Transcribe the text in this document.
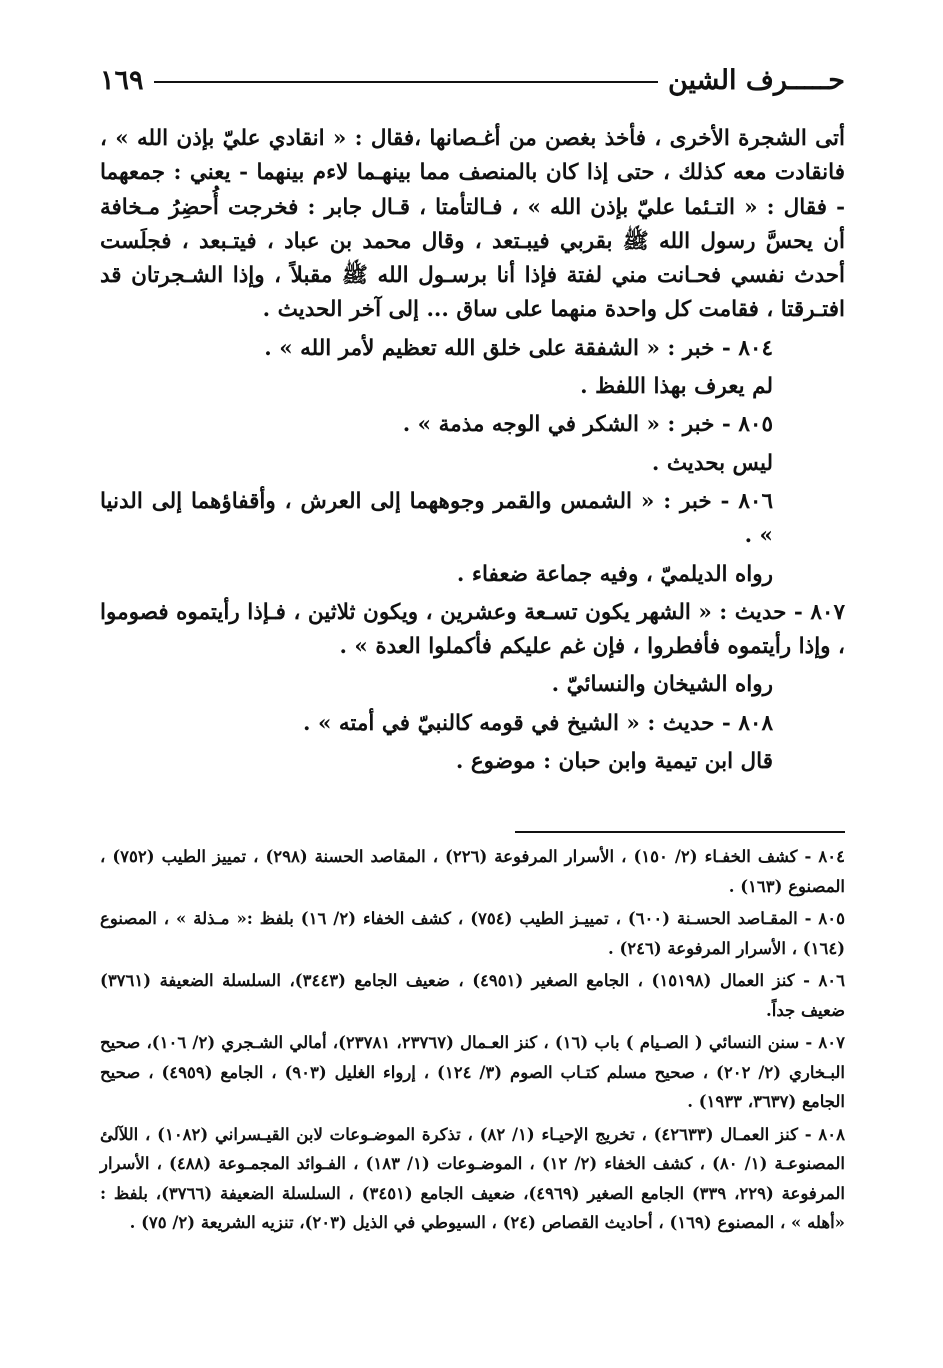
حـــــرف الشين
١٦٩

أتى الشجرة الأخرى ، فأخذ بغصن من أغـصانها ،فقال : « انقادي عليّ بإذن الله » ، فانقادت معه كذلك ، حتى إذا كان بالمنصف مما بينهـما لاءم بينهما - يعني : جمعهما - فقال : « التـئما عليّ بإذن الله » ، فـالتأمتا ، قـال جابر : فخرجت أُحضِرُ مـخافة أن يحسَّ رسول الله ﷺ بقربي فيبـتعد ، وقال محمد بن عباد ، فيتـبعد ، فجلَست أحدث نفسي فحـانت مني لفتة فإذا أنا برسـول الله ﷺ مقبلاً ، وإذا الشـجرتان قد افتـرقتا ، فقامت كل واحدة منهما على ساق ... إلى آخر الحديث .

٨٠٤ - خبر : « الشفقة على خلق الله تعظيم لأمر الله » .

لم يعرف بهذا اللفظ .

٨٠٥ - خبر : « الشكر في الوجه مذمة » .

ليس بحديث .

٨٠٦ - خبر : « الشمس والقمر وجوههما إلى العرش ، وأقفاؤهما إلى الدنيا » .

رواه الديلميّ ، وفيه جماعة ضعفاء .

٨٠٧ - حديث : « الشهر يكون تسـعة وعشرين ، ويكون ثلاثين ، فـإذا رأيتموه فصوموا ، وإذا رأيتموه فأفطروا ، فإن غم عليكم فأكملوا العدة » .

رواه الشيخان والنسائيّ .

٨٠٨ - حديث : « الشيخ في قومه كالنبيّ في أمته » .

قال ابن تيمية وابن حبان : موضوع .

٨٠٤ - كشف الخفـاء (٢/ ١٥٠) ، الأسرار المرفوعة (٢٢٦) ، المقاصد الحسنة (٢٩٨) ، تمييز الطيب (٧٥٢) ، المصنوع (١٦٣) .

٨٠٥ - المقـاصد الحسـنة (٦٠٠) ، تمييـز الطيب (٧٥٤) ، كشف الخفاء (٢/ ١٦) بلفظ :« مـذلة » ، المصنوع (١٦٤) ، الأسرار المرفوعة (٢٤٦) .

٨٠٦ - كنز العمال (١٥١٩٨) ، الجامع الصغير (٤٩٥١) ، ضعيف الجامع (٣٤٤٣)، السلسلة الضعيفة (٣٧٦١) ضعيف جداً.

٨٠٧ - سنن النسائي ( الصـيام ) باب (١٦) ، كنز العـمال (٢٣٧٦٧، ٢٣٧٨١)، أمالي الشـجري (٢/ ١٠٦)، صحيح البـخاري (٢/ ٢٠٢) ، صحيح مسلم كتـاب الصوم (٣/ ١٢٤) ، إرواء الغليل (٩٠٣) ، الجامع (٤٩٥٩) ، صحيح الجامع (٣٦٣٧، ١٩٣٣) .

٨٠٨ - كنز العمـال (٤٢٦٣٣) ، تخريج الإحيـاء (١/ ٨٢) ، تذكرة الموضـوعات لابن القيـسراني (١٠٨٢) ، اللآلئ المصنوعـة (١/ ٨٠) ، كشف الخفاء (٢/ ١٢) ، الموضـوعات (١/ ١٨٣) ، الفـوائد المجمـوعة (٤٨٨) ، الأسرار المرفوعة (٢٢٩، ٣٣٩) الجامع الصغير (٤٩٦٩)، ضعيف الجامع (٣٤٥١) ، السلسلة الضعيفة (٣٧٦٦)، بلفظ : «أهله » ، المصنوع (١٦٩) ، أحاديث القصاص (٢٤) ، السيوطي في الذيل (٢٠٣)، تنزيه الشريعة (٢/ ٧٥) .
